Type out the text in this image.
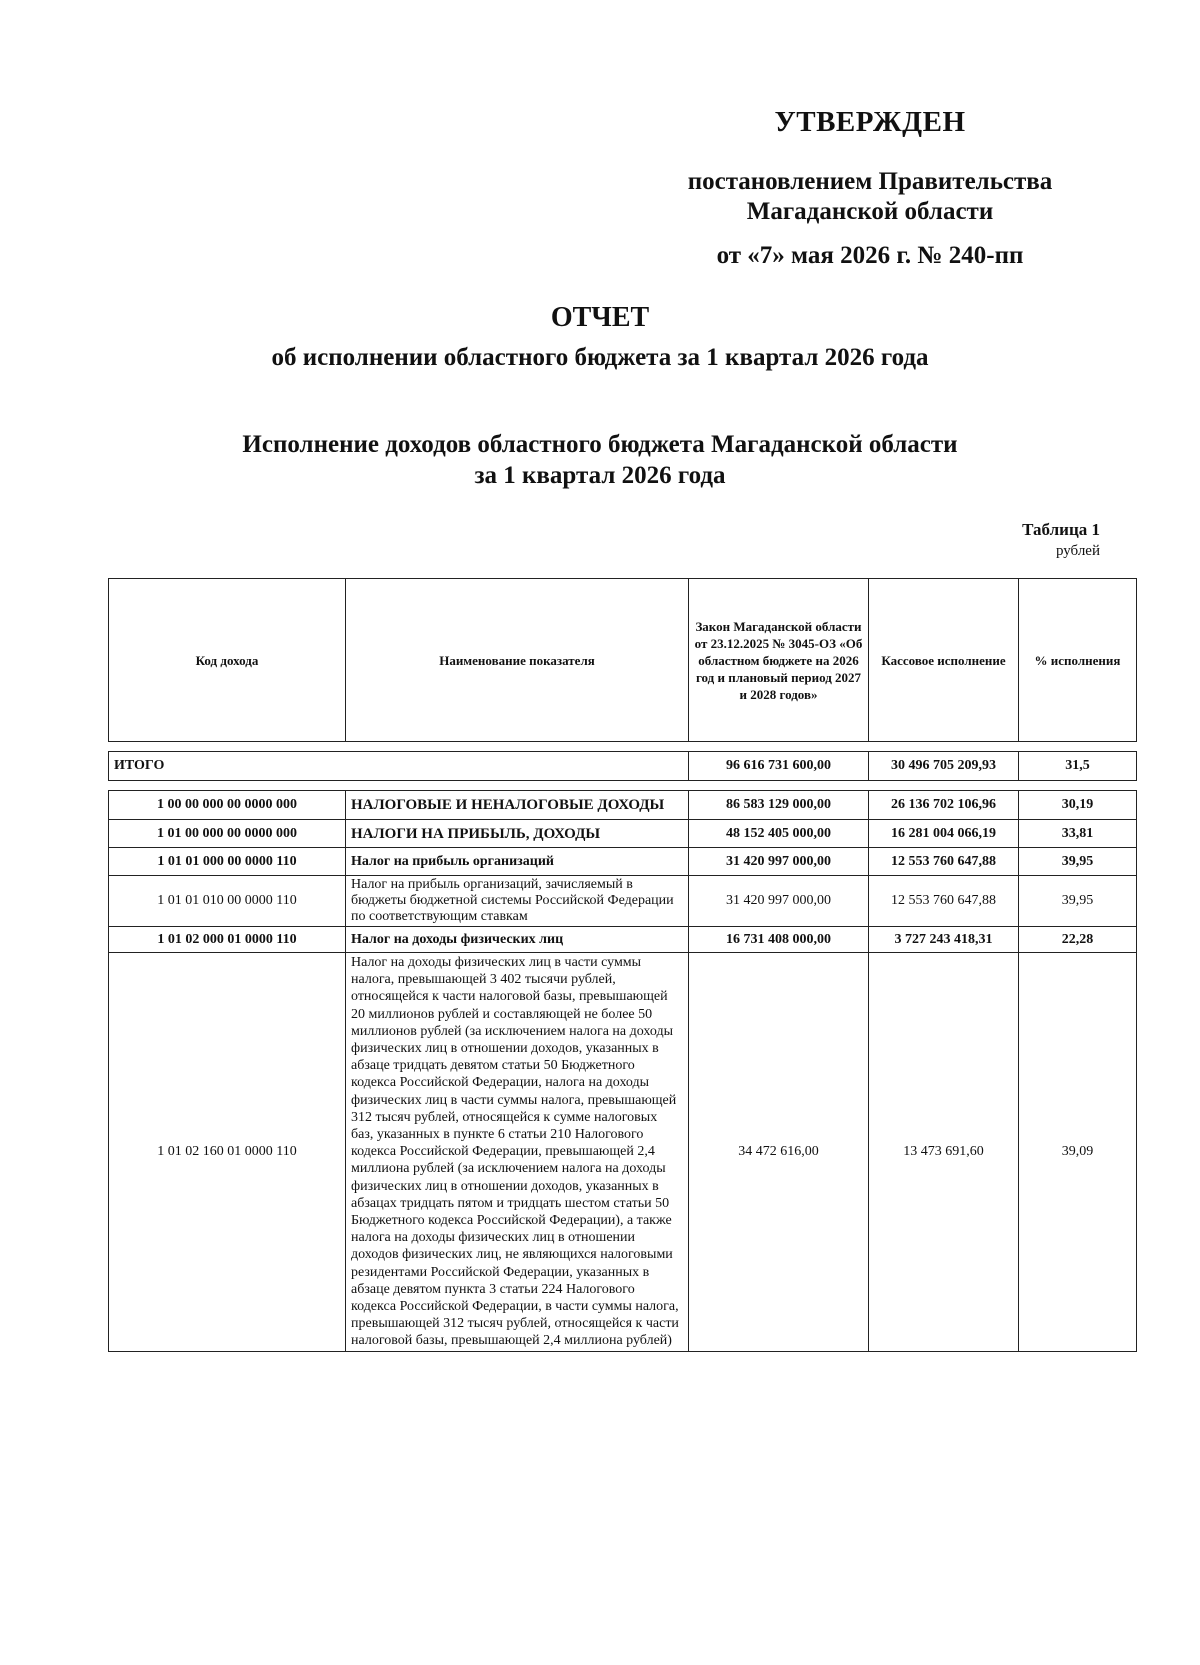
УТВЕРЖДЕН
постановлением Правительства
Магаданской области
от «7» мая 2026 г. № 240-пп
ОТЧЕТ
об исполнении областного бюджета за 1 квартал 2026 года
Исполнение доходов областного бюджета Магаданской области
за 1 квартал 2026 года
Таблица 1
рублей
Код дохода	Наименование показателя	Закон Магаданской области от 23.12.2025 № 3045-ОЗ «Об областном бюджете на 2026 год и плановый период 2027 и 2028 годов»	Кассовое исполнение	% исполнения

ИТОГО		96 616 731 600,00	30 496 705 209,93	31,5

1 00 00 000 00 0000 000	НАЛОГОВЫЕ И НЕНАЛОГОВЫЕ ДОХОДЫ	86 583 129 000,00	26 136 702 106,96	30,19
1 01 00 000 00 0000 000	НАЛОГИ НА ПРИБЫЛЬ, ДОХОДЫ	48 152 405 000,00	16 281 004 066,19	33,81
1 01 01 000 00 0000 110	Налог на прибыль организаций	31 420 997 000,00	12 553 760 647,88	39,95
1 01 01 010 00 0000 110	Налог на прибыль организаций, зачисляемый в бюджеты бюджетной системы Российской Федерации по соответствующим ставкам	31 420 997 000,00	12 553 760 647,88	39,95
1 01 02 000 01 0000 110	Налог на доходы физических лиц	16 731 408 000,00	3 727 243 418,31	22,28
1 01 02 160 01 0000 110	Налог на доходы физических лиц в части суммы налога, превышающей 3 402 тысячи рублей, относящейся к части налоговой базы, превышающей 20 миллионов рублей и составляющей не более 50 миллионов рублей (за исключением налога на доходы физических лиц в отношении доходов, указанных в абзаце тридцать девятом статьи 50 Бюджетного кодекса Российской Федерации, налога на доходы физических лиц в части суммы налога, превышающей 312 тысяч рублей, относящейся к сумме налоговых баз, указанных в пункте 6 статьи 210 Налогового кодекса Российской Федерации, превышающей 2,4 миллиона рублей (за исключением налога на доходы физических лиц в отношении доходов, указанных в абзацах тридцать пятом и тридцать шестом статьи 50 Бюджетного кодекса Российской Федерации), а также налога на доходы физических лиц в отношении доходов физических лиц, не являющихся налоговыми резидентами Российской Федерации, указанных в абзаце девятом пункта 3 статьи 224 Налогового кодекса Российской Федерации, в части суммы налога, превышающей 312 тысяч рублей, относящейся к части налоговой базы, превышающей 2,4 миллиона рублей)	34 472 616,00	13 473 691,60	39,09
